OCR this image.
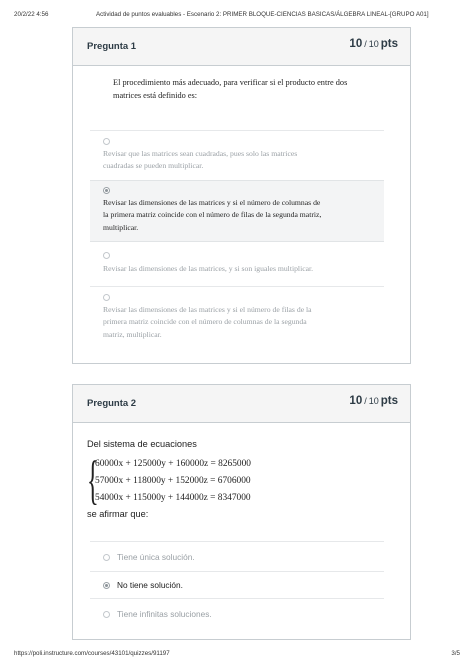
20/2/22 4:56	Actividad de puntos evaluables - Escenario 2: PRIMER BLOQUE-CIENCIAS BASICAS/ÁLGEBRA LINEAL-[GRUPO A01]
Pregunta 1	10 / 10 pts
El procedimiento más adecuado, para verificar si el producto entre dos
matrices está definido es:
Revisar que las matrices sean cuadradas, pues solo las matrices
cuadradas se pueden multiplicar.
Revisar las dimensiones de las matrices y si el número de columnas de
la primera matriz coincide con el número de filas de la segunda matriz,
multiplicar.
Revisar las dimensiones de las matrices, y si son iguales multiplicar.
Revisar las dimensiones de las matrices y si el número de filas de la
primera matriz coincide con el número de columnas de la segunda
matriz, multiplicar.
Pregunta 2	10 / 10 pts
Del sistema de ecuaciones
{
60000x + 125000y + 160000z = 8265000
57000x + 118000y + 152000z = 6706000
54000x + 115000y + 144000z = 8347000
se afirmar que:
Tiene única solución.
No tiene solución.
Tiene infinitas soluciones.
https://poli.instructure.com/courses/43101/quizzes/91197	3/5
